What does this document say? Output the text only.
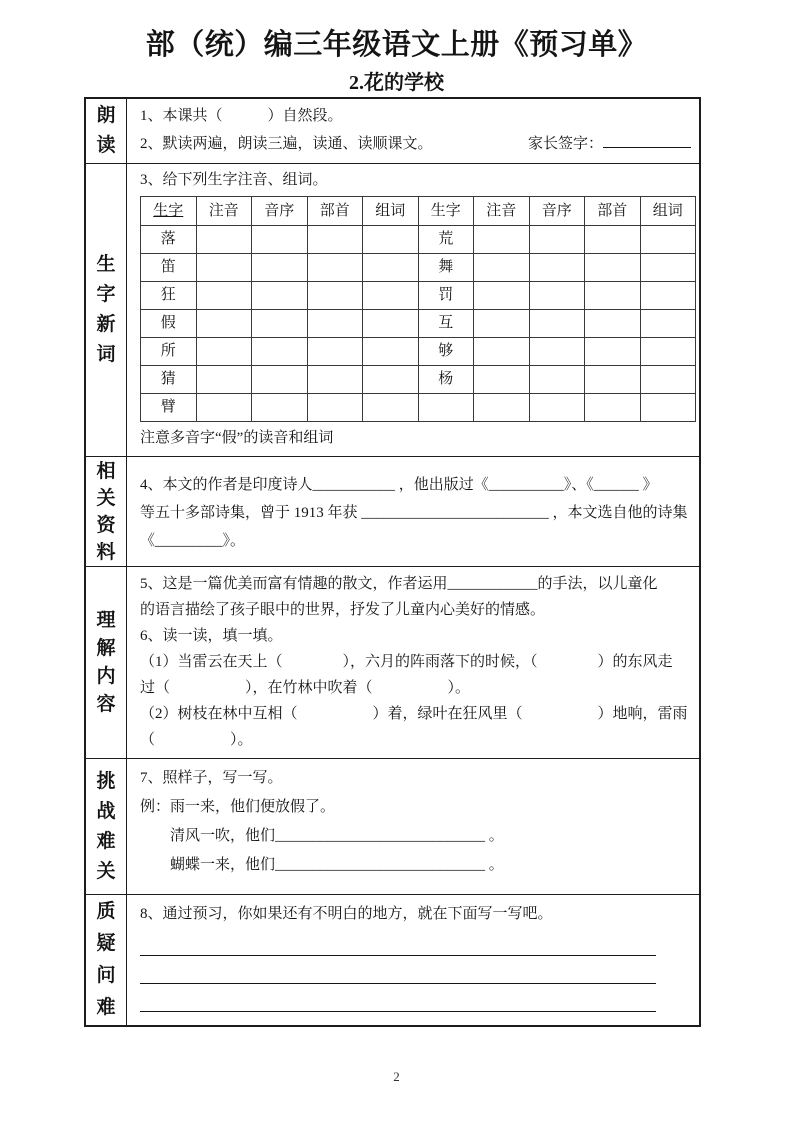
部（统）编三年级语文上册《预习单》
2.花的学校
朗读
1、本课共（　　　）自然段。
2、默读两遍，朗读三遍，读通、读顺课文。	家长签字：
生字新词
3、给下列生字注音、组词。
生字	注音	音序	部首	组词	生字	注音	音序	部首	组词
落					荒				
笛					舞				
狂					罚				
假					互				
所					够				
猜					杨				
臂									
注意多音字“假”的读音和组词
相关资料
4、本文的作者是印度诗人___________ ，他出版过《__________》、《______ 》
等五十多部诗集，曾于 1913 年获 _________________________ ，本文选自他的诗集
《_________》。
理解内容
5、这是一篇优美而富有情趣的散文，作者运用____________的手法，以儿童化
的语言描绘了孩子眼中的世界，抒发了儿童内心美好的情感。
6、读一读，填一填。
（1）当雷云在天上（　　　　），六月的阵雨落下的时候，（　　　　）的东风走
过（　　　　　），在竹林中吹着（　　　　　）。
（2）树枝在林中互相（　　　　　）着，绿叶在狂风里（　　　　　）地响，雷雨
（　　　　　）。
挑战难关
7、照样子，写一写。
例：雨一来，他们便放假了。
　　清风一吹，他们____________________________ 。
　　蝴蝶一来，他们____________________________ 。
质疑问难
8、通过预习，你如果还有不明白的地方，就在下面写一写吧。
2
